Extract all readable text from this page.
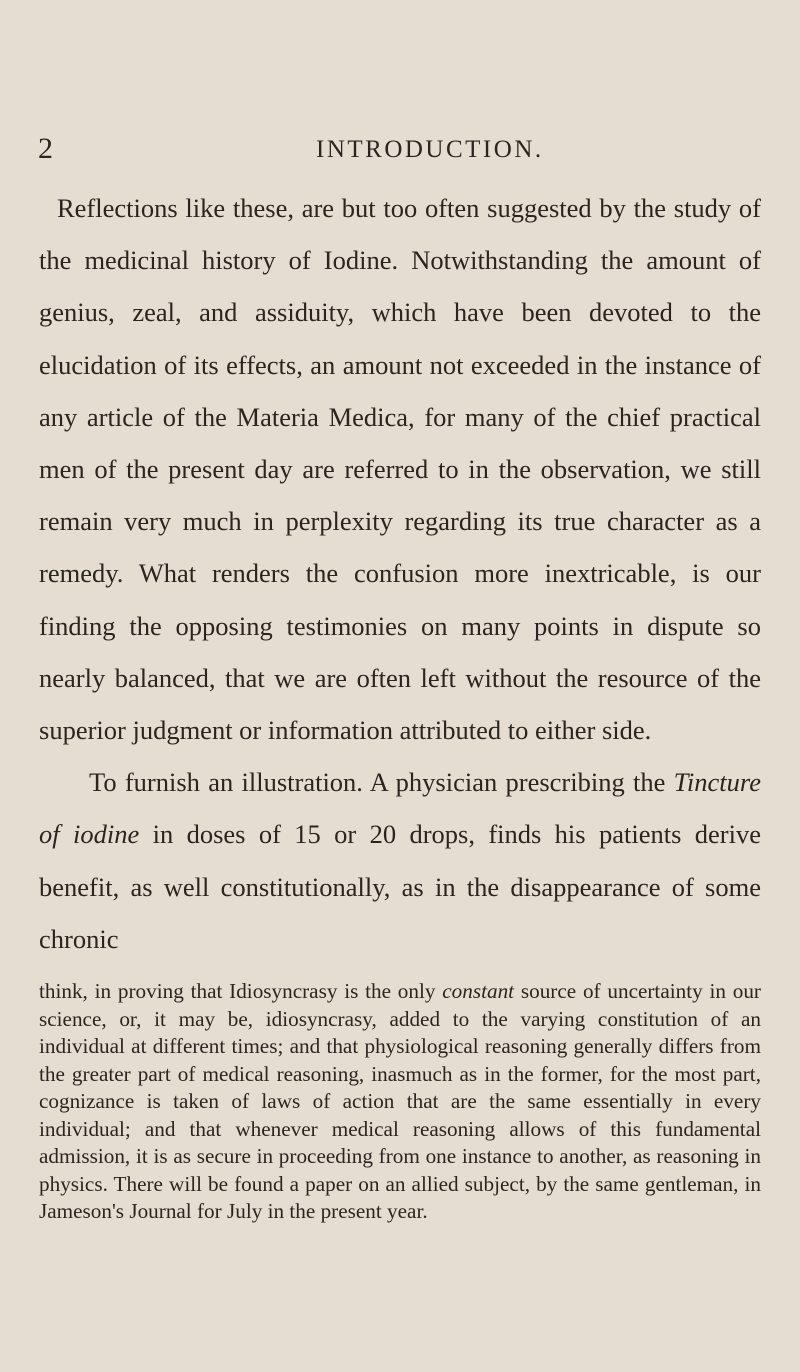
2	INTRODUCTION.

Reflections like these, are but too often suggested by the study of the medicinal history of Iodine. Notwithstanding the amount of genius, zeal, and assiduity, which have been devoted to the elucidation of its effects, an amount not exceeded in the instance of any article of the Materia Medica, for many of the chief practical men of the present day are referred to in the observation, we still remain very much in perplexity regarding its true character as a remedy. What renders the confusion more inextricable, is our finding the opposing testimonies on many points in dispute so nearly balanced, that we are often left without the resource of the superior judgment or information attributed to either side.

To furnish an illustration. A physician prescribing the Tincture of iodine in doses of 15 or 20 drops, finds his patients derive benefit, as well constitutionally, as in the disappearance of some chronic

think, in proving that Idiosyncrasy is the only constant source of uncertainty in our science, or, it may be, idiosyncrasy, added to the varying constitution of an individual at different times; and that physiological reasoning generally differs from the greater part of medical reasoning, inasmuch as in the former, for the most part, cognizance is taken of laws of action that are the same essentially in every individual; and that whenever medical reasoning allows of this fundamental admission, it is as secure in proceeding from one instance to another, as reasoning in physics. There will be found a paper on an allied subject, by the same gentleman, in Jameson's Journal for July in the present year.
